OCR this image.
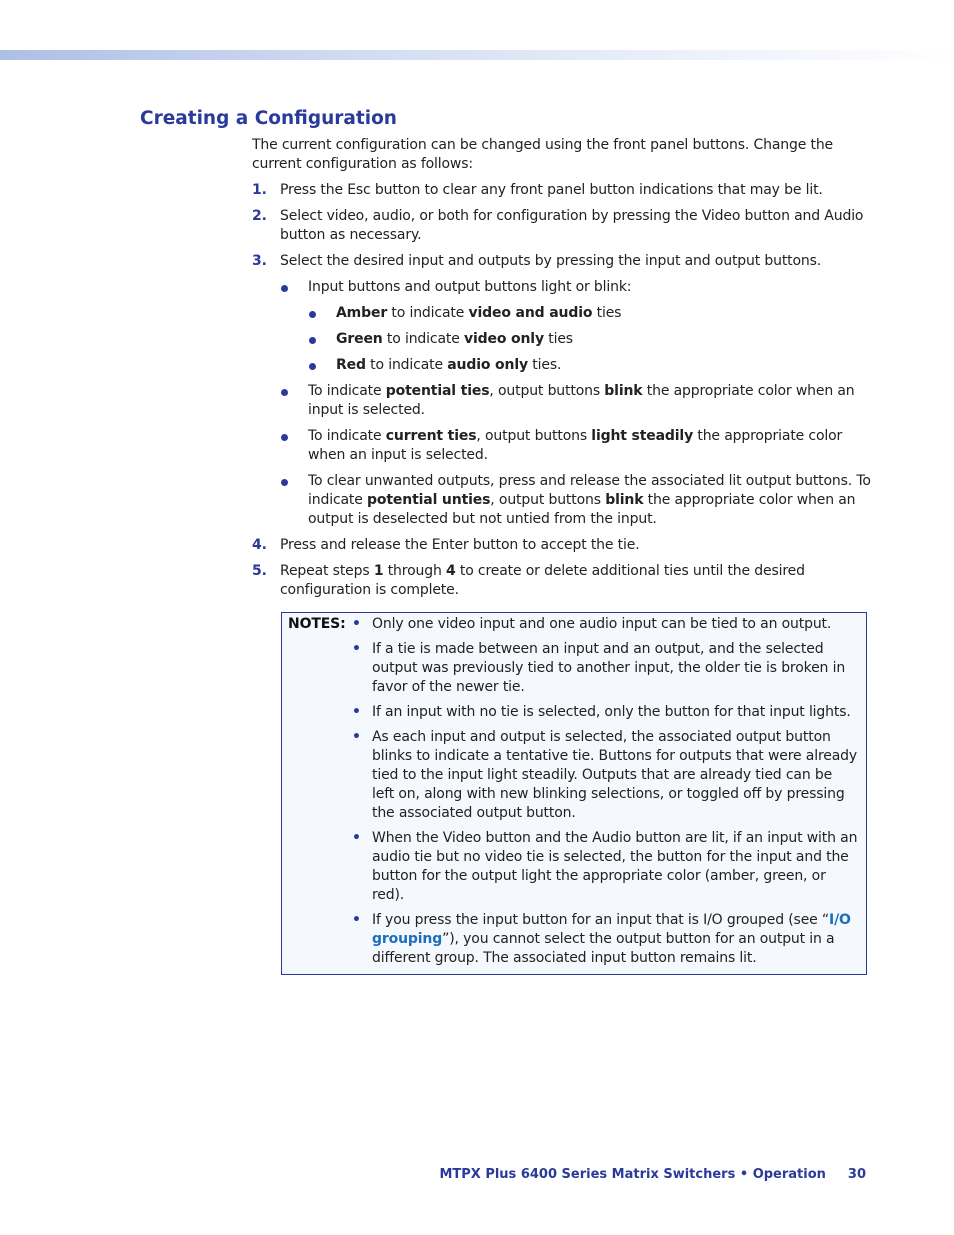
Creating a Configuration

The current configuration can be changed using the front panel buttons. Change the current configuration as follows:

1. Press the Esc button to clear any front panel button indications that may be lit.
2. Select video, audio, or both for configuration by pressing the Video button and Audio button as necessary.
3. Select the desired input and outputs by pressing the input and output buttons.
Input buttons and output buttons light or blink:
Amber to indicate video and audio ties
Green to indicate video only ties
Red to indicate audio only ties.
To indicate potential ties, output buttons blink the appropriate color when an input is selected.
To indicate current ties, output buttons light steadily the appropriate color when an input is selected.
To clear unwanted outputs, press and release the associated lit output buttons. To indicate potential unties, output buttons blink the appropriate color when an output is deselected but not untied from the input.
4. Press and release the Enter button to accept the tie.
5. Repeat steps 1 through 4 to create or delete additional ties until the desired configuration is complete.
NOTES: • Only one video input and one audio input can be tied to an output.
• If a tie is made between an input and an output, and the selected output was previously tied to another input, the older tie is broken in favor of the newer tie.
• If an input with no tie is selected, only the button for that input lights.
• As each input and output is selected, the associated output button blinks to indicate a tentative tie. Buttons for outputs that were already tied to the input light steadily. Outputs that are already tied can be left on, along with new blinking selections, or toggled off by pressing the associated output button.
• When the Video button and the Audio button are lit, if an input with an audio tie but no video tie is selected, the button for the input and the button for the output light the appropriate color (amber, green, or red).
• If you press the input button for an input that is I/O grouped (see “I/O grouping”), you cannot select the output button for an output in a different group. The associated input button remains lit.
MTPX Plus 6400 Series Matrix Switchers • Operation 30
